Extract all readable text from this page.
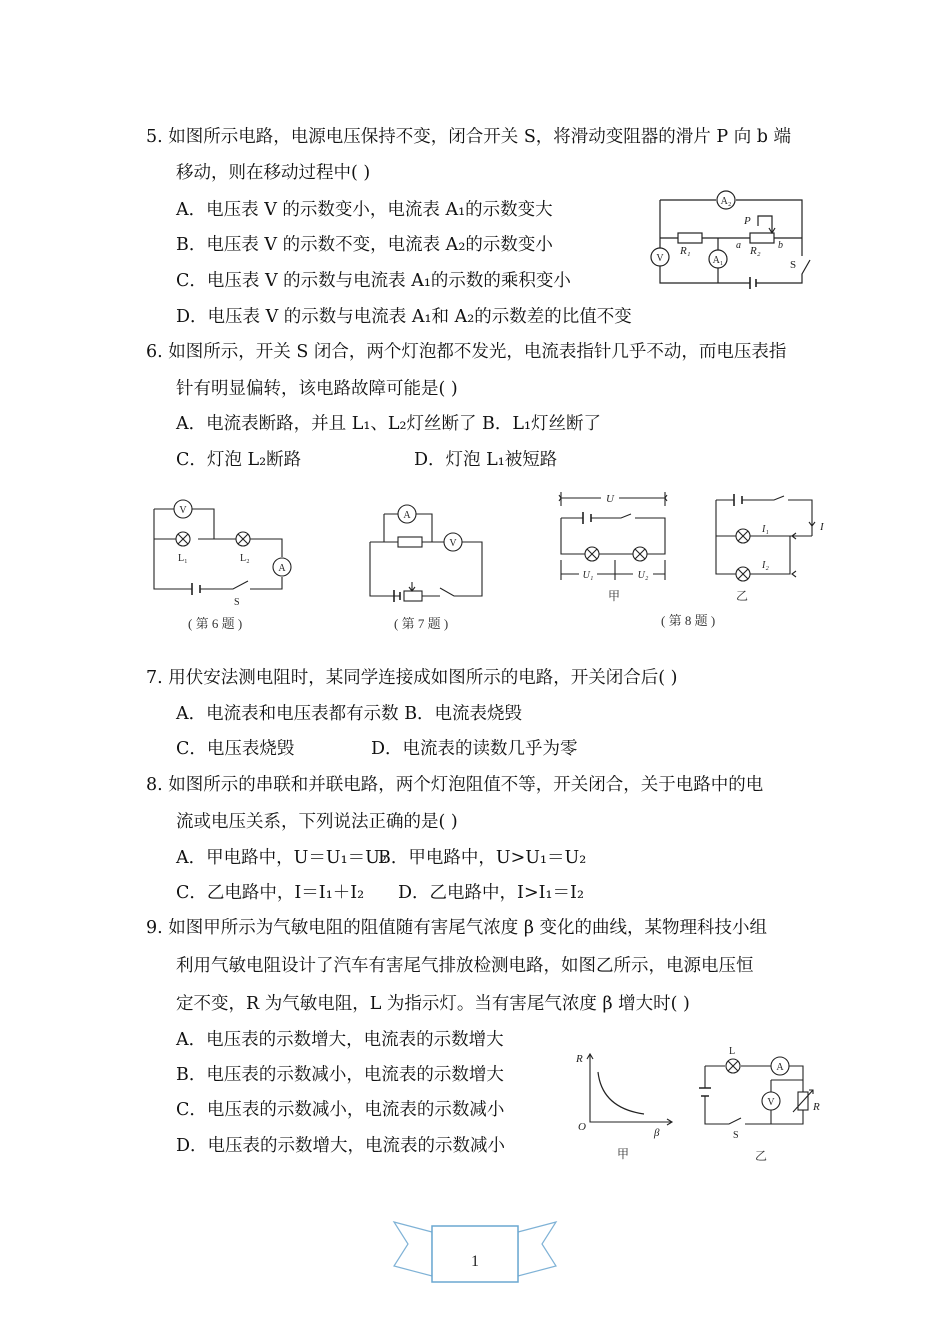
5. 如图所示电路，电源电压保持不变，闭合开关 S，将滑动变阻器的滑片 P 向 b 端
移动，则在移动过程中( )
A．电压表 V 的示数变小，电流表 A₁的示数变大
B．电压表 V 的示数不变，电流表 A₂的示数变小
C．电压表 V 的示数与电流表 A₁的示数的乘积变小
D．电压表 V 的示数与电流表 A₁和 A₂的示数差的比值不变
A₂
R₁
P
a R₂ b
V	A₁	S
6. 如图所示，开关 S 闭合，两个灯泡都不发光，电流表指针几乎不动，而电压表指
针有明显偏转，该电路故障可能是( )
A．电流表断路，并且 L₁、L₂灯丝断了 B．L₁灯丝断了
C．灯泡 L₂断路	D．灯泡 L₁被短路
V
L₁	L₂
A
S
( 第 6 题 )
A
V
( 第 7 题 )
U
U₁	U₂
甲
I
I₁
I₂
乙
( 第 8 题 )
7. 用伏安法测电阻时，某同学连接成如图所示的电路，开关闭合后( )
A．电流表和电压表都有示数 B．电流表烧毁
C．电压表烧毁	D．电流表的读数几乎为零
8. 如图所示的串联和并联电路，两个灯泡阻值不等，开关闭合，关于电路中的电
流或电压关系，下列说法正确的是( )
A．甲电路中，U＝U₁＝U₂
B．甲电路中，U>U₁＝U₂
C．乙电路中，I＝I₁＋I₂ D．乙电路中，I>I₁＝I₂
9. 如图甲所示为气敏电阻的阻值随有害尾气浓度 β 变化的曲线，某物理科技小组
利用气敏电阻设计了汽车有害尾气排放检测电路，如图乙所示，电源电压恒
定不变，R 为气敏电阻，L 为指示灯。当有害尾气浓度 β 增大时( )
A．电压表的示数增大，电流表的示数增大
B．电压表的示数减小，电流表的示数增大
C．电压表的示数减小，电流表的示数减小
D．电压表的示数增大，电流表的示数减小
R
O	β
甲
L
A
V	R
S
乙
1
